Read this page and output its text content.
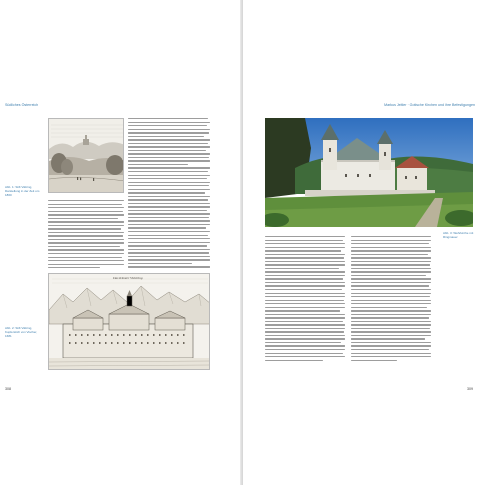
Südliches Österreich
Abb. 1: Stift Viktring, Darstellung in der Zeit um 1860
Das Kloster Vicktring
Abb. 2: Stift Viktring, Kupferstich von Vischer, 1681
308
Markus Jeitler · Gotische Kirchen und ihre Befestigungen
Abb. 3: Wehrkirche mit Ringmauer
309
